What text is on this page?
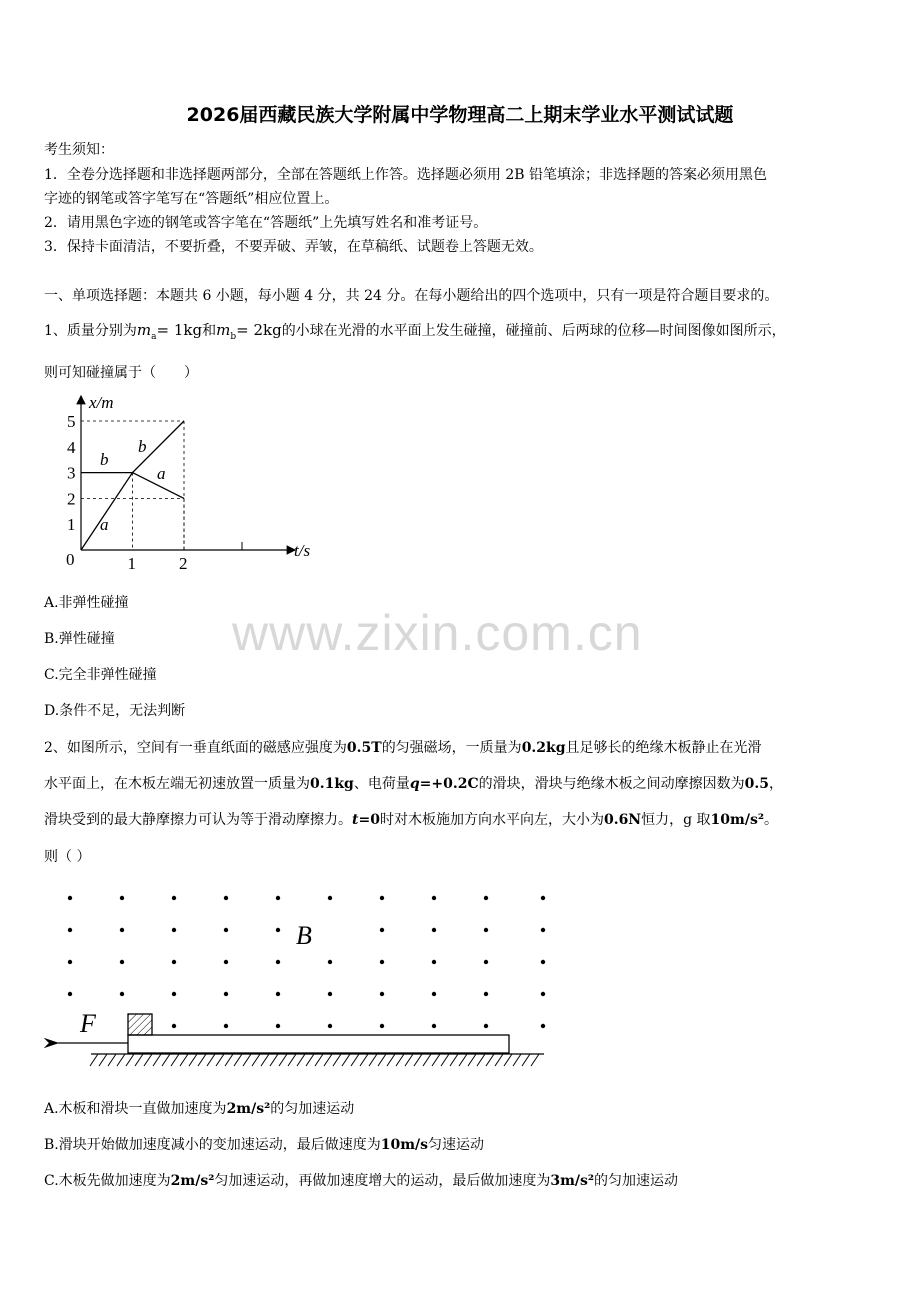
2026届西藏民族大学附属中学物理高二上期末学业水平测试试题
考生须知：
1．全卷分选择题和非选择题两部分，全部在答题纸上作答。选择题必须用 2B 铅笔填涂；非选择题的答案必须用黑色
字迹的钢笔或答字笔写在“答题纸”相应位置上。
2．请用黑色字迹的钢笔或答字笔在“答题纸”上先填写姓名和准考证号。
3．保持卡面清洁，不要折叠，不要弄破、弄皱，在草稿纸、试题卷上答题无效。
一、单项选择题：本题共 6 小题，每小题 4 分，共 24 分。在每小题给出的四个选项中，只有一项是符合题目要求的。
1、质量分别为$m_a= 1kg$和$m_b= 2kg$的小球在光滑的水平面上发生碰撞，碰撞前、后两球的位移—时间图像如图所示，
则可知碰撞属于（　　）
1
2
3
4
5
1	2
0
x/m
t/s
a
b
b
a
A.非弹性碰撞
B.弹性碰撞
C.完全非弹性碰撞
D.条件不足，无法判断
www.zixin.com.cn
2、如图所示，空间有一垂直纸面的磁感应强度为0.5T的匀强磁场，一质量为0.2kg且足够长的绝缘木板静止在光滑
水平面上，在木板左端无初速放置一质量为0.1kg、电荷量q=+0.2C的滑块，滑块与绝缘木板之间动摩擦因数为0.5，
滑块受到的最大静摩擦力可认为等于滑动摩擦力。t=0时对木板施加方向水平向左，大小为0.6N恒力，g 取10m/s²。
则（ ）
B
F
A.木板和滑块一直做加速度为2m/s²的匀加速运动
B.滑块开始做加速度减小的变加速运动，最后做速度为10m/s匀速运动
C.木板先做加速度为2m/s²匀加速运动，再做加速度增大的运动，最后做加速度为3m/s²的匀加速运动
